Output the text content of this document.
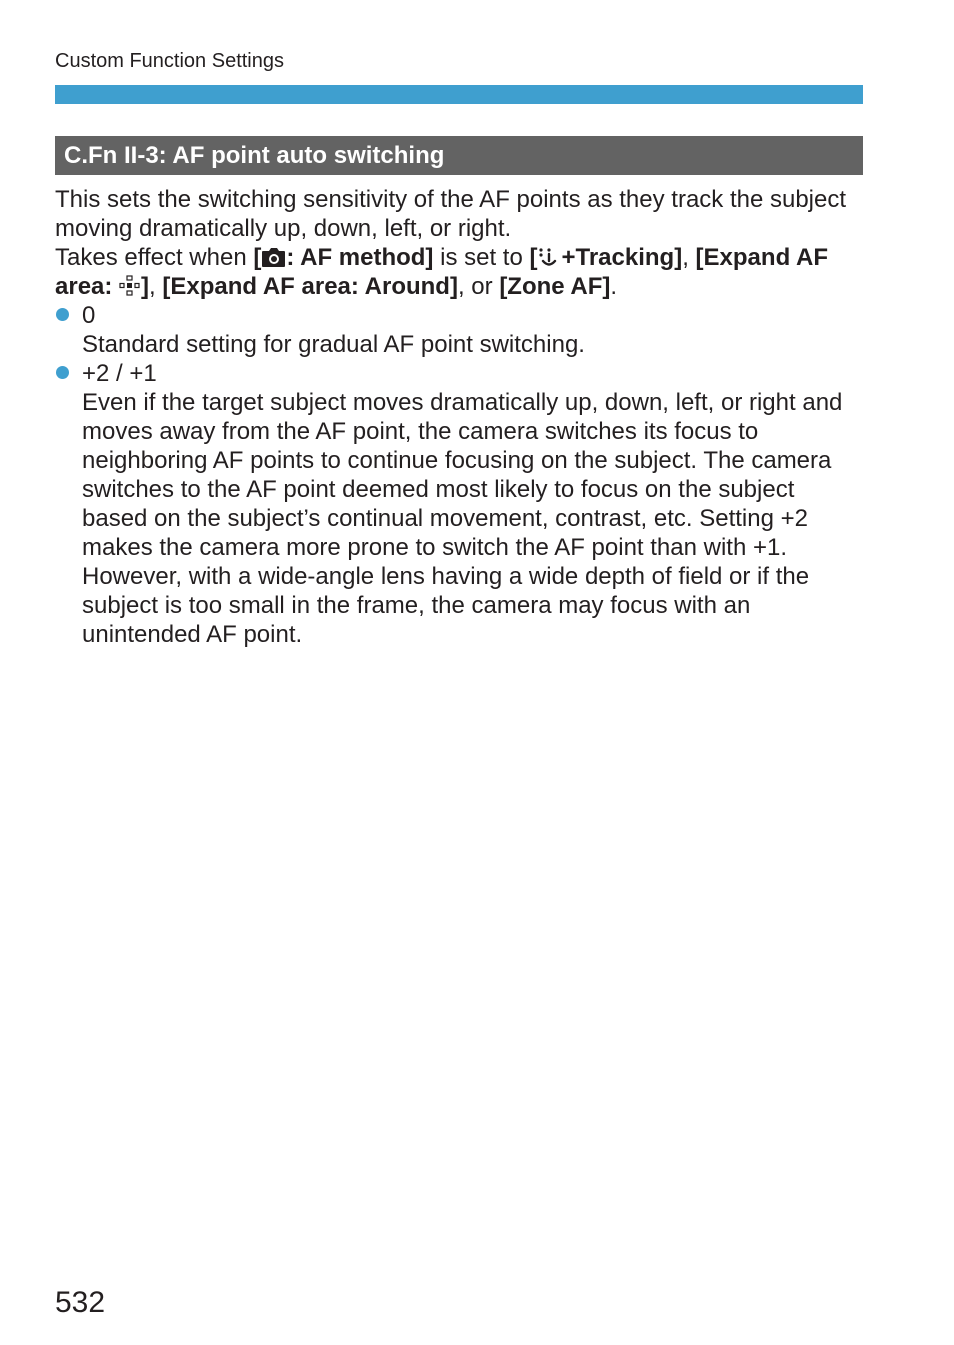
Custom Function Settings
C.Fn II-3: AF point auto switching

This sets the switching sensitivity of the AF points as they track the subject moving dramatically up, down, left, or right.

Takes effect when [ : AF method] is set to [ +Tracking], [Expand AF area: ], [Expand AF area: Around], or [Zone AF].

0

Standard setting for gradual AF point switching.

+2 / +1

Even if the target subject moves dramatically up, down, left, or right and moves away from the AF point, the camera switches its focus to neighboring AF points to continue focusing on the subject. The camera switches to the AF point deemed most likely to focus on the subject based on the subject’s continual movement, contrast, etc. Setting +2 makes the camera more prone to switch the AF point than with +1. However, with a wide-angle lens having a wide depth of field or if the subject is too small in the frame, the camera may focus with an unintended AF point.

532
